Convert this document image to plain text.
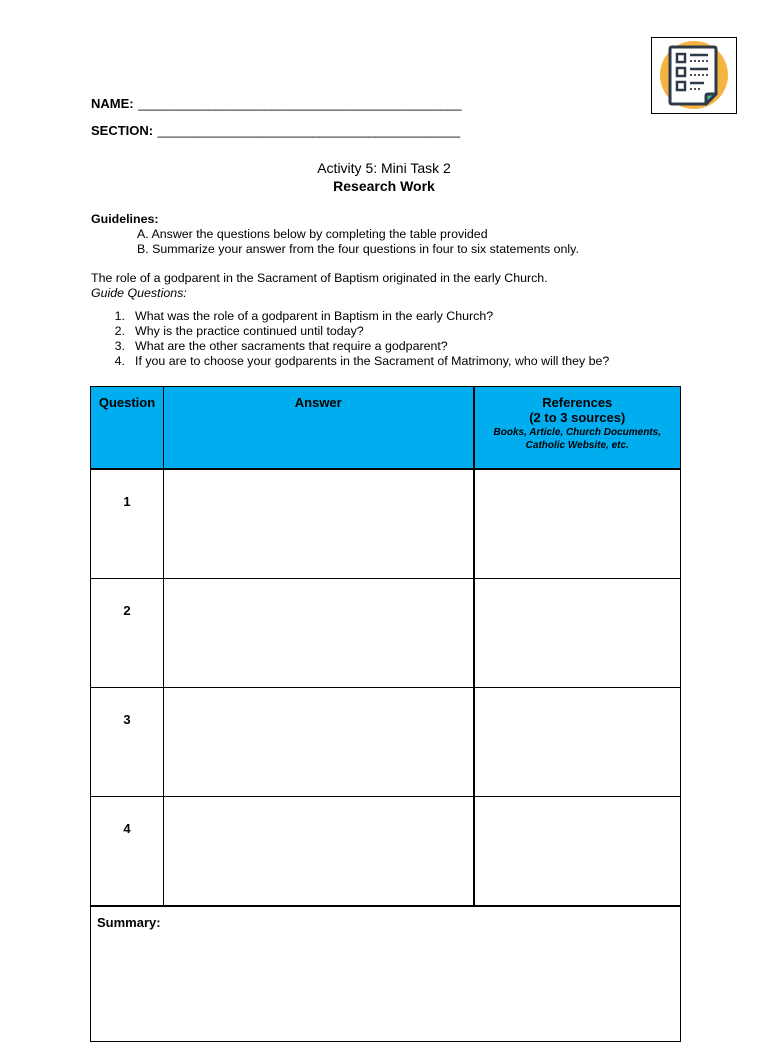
NAME: ______________________________________________
SECTION: ___________________________________________
Activity 5: Mini Task 2
Research Work
Guidelines:
A. Answer the questions below by completing the table provided
B. Summarize your answer from the four questions in four to six statements only.
The role of a godparent in the Sacrament of Baptism originated in the early Church.
Guide Questions:
1. What was the role of a godparent in Baptism in the early Church?
2. Why is the practice continued until today?
3. What are the other sacraments that require a godparent?
4. If you are to choose your godparents in the Sacrament of Matrimony, who will they be?
Question	Answer	References
(2 to 3 sources)
Books, Article, Church Documents,
Catholic Website, etc.

1		
2		
3		
4		
Summary:		
